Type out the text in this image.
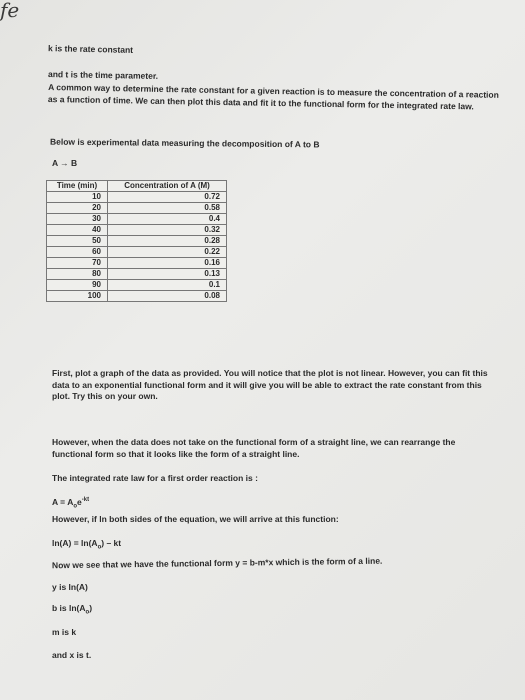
fe
k is the rate constant
and t is the time parameter.
A common way to determine the rate constant for a given reaction is to measure the concentration of a reaction as a function of time. We can then plot this data and fit it to the functional form for the integrated rate law.
Below is experimental data measuring the decomposition of A to B
A → B
Time (min)	Concentration of A (M)
10	0.72
20	0.58
30	0.4
40	0.32
50	0.28
60	0.22
70	0.16
80	0.13
90	0.1
100	0.08
First, plot a graph of the data as provided. You will notice that the plot is not linear. However, you can fit this data to an exponential functional form and it will give you will be able to extract the rate constant from this plot. Try this on your own.
However, when the data does not take on the functional form of a straight line, we can rearrange the functional form so that it looks like the form of a straight line.
The integrated rate law for a first order reaction is :
$A = A_oe^{-kt}$
However, if ln both sides of the equation, we will arrive at this function:
$\ln(A) = \ln(A_o)$ – kt
Now we see that we have the functional form y = b-m*x which is the form of a line.
y is ln(A)
b is $\ln(A_o)$
m is k
and x is t.
